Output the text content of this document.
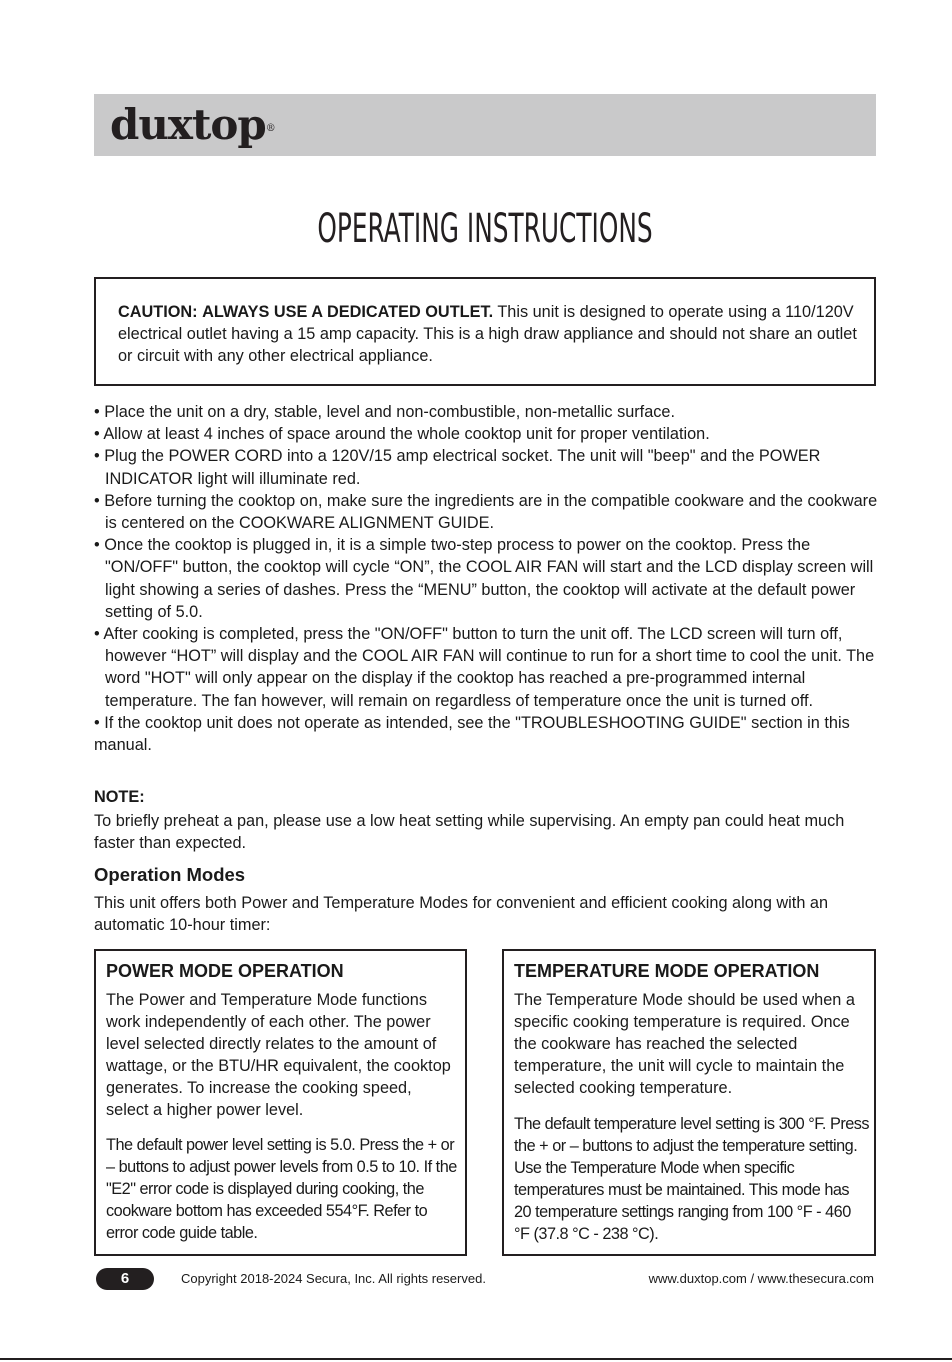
duxtop®
OPERATING INSTRUCTIONS
CAUTION: ALWAYS USE A DEDICATED OUTLET. This unit is designed to operate using a 110/120V electrical outlet having a 15 amp capacity. This is a high draw appliance and should not share an outlet or circuit with any other electrical appliance.

• Place the unit on a dry, stable, level and non-combustible, non-metallic surface.

• Allow at least 4 inches of space around the whole cooktop unit for proper ventilation.

• Plug the POWER CORD into a 120V/15 amp electrical socket. The unit will "beep" and the POWER INDICATOR light will illuminate red.

• Before turning the cooktop on, make sure the ingredients are in the compatible cookware and the cookware is centered on the COOKWARE ALIGNMENT GUIDE.

• Once the cooktop is plugged in, it is a simple two-step process to power on the cooktop. Press the "ON/OFF" button, the cooktop will cycle “ON”, the COOL AIR FAN will start and the LCD display screen will light showing a series of dashes. Press the “MENU” button, the cooktop will activate at the default power setting of 5.0.

• After cooking is completed, press the "ON/OFF" button to turn the unit off. The LCD screen will turn off, however “HOT” will display and the COOL AIR FAN will continue to run for a short time to cool the unit. The word "HOT" will only appear on the display if the cooktop has reached a pre-programmed internal temperature. The fan however, will remain on regardless of temperature once the unit is turned off.

• If the cooktop unit does not operate as intended, see the "TROUBLESHOOTING GUIDE" section in this manual.

NOTE:
To briefly preheat a pan, please use a low heat setting while supervising. An empty pan could heat much faster than expected.
Operation Modes
This unit offers both Power and Temperature Modes for convenient and efficient cooking along with an automatic 10-hour timer:
POWER MODE OPERATION
The Power and Temperature Mode functions work independently of each other. The power level selected directly relates to the amount of wattage, or the BTU/HR equivalent, the cooktop generates. To increase the cooking speed, select a higher power level.
The default power level setting is 5.0. Press the + or – buttons to adjust power levels from 0.5 to 10. If the "E2" error code is displayed during cooking, the cookware bottom has exceeded 554°F. Refer to error code guide table.
TEMPERATURE MODE OPERATION
The Temperature Mode should be used when a specific cooking temperature is required. Once the cookware has reached the selected temperature, the unit will cycle to maintain the selected cooking temperature.
The default temperature level setting is 300 °F. Press the + or – buttons to adjust the temperature setting. Use the Temperature Mode when specific temperatures must be maintained. This mode has 20 temperature settings ranging from 100 °F - 460 °F (37.8 °C - 238 °C).
6	Copyright 2018-2024 Secura, Inc. All rights reserved.	www.duxtop.com / www.thesecura.com
